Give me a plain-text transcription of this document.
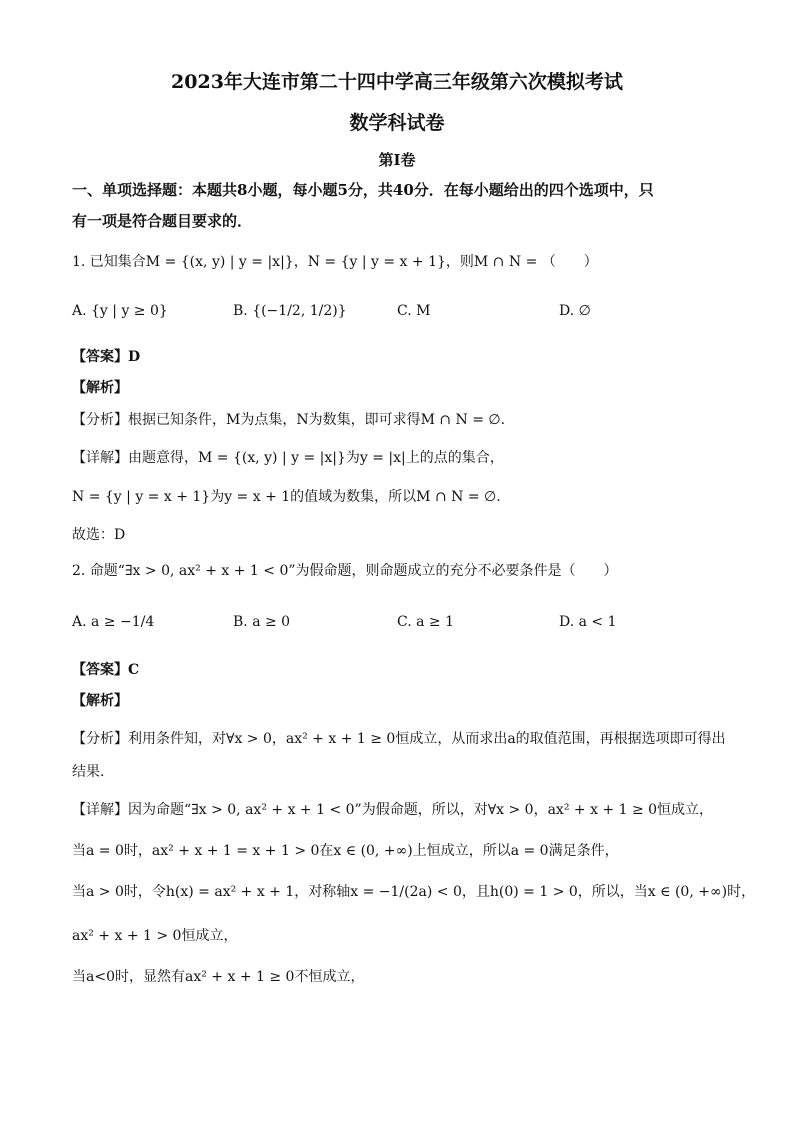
2023年大连市第二十四中学高三年级第六次模拟考试
数学科试卷
第I卷
一、单项选择题：本题共8小题，每小题5分，共40分．在每小题给出的四个选项中，只
有一项是符合题目要求的．
1. 已知集合M = {(x, y) | y = |x|}，N = {y | y = x + 1}，则M ∩ N = （　　）
A. {y | y ≥ 0}	B. {(−1/2, 1/2)}	C. M	D. ∅
【答案】D
【解析】
【分析】根据已知条件，M为点集，N为数集，即可求得M ∩ N = ∅.
【详解】由题意得，M = {(x, y) | y = |x|}为y = |x|上的点的集合，
N = {y | y = x + 1}为y = x + 1的值域为数集，所以M ∩ N = ∅.
故选：D
2. 命题“∃x > 0, ax² + x + 1 < 0”为假命题，则命题成立的充分不必要条件是（　　）
A. a ≥ −1/4	B. a ≥ 0	C. a ≥ 1	D. a < 1
【答案】C
【解析】
【分析】利用条件知，对∀x > 0，ax² + x + 1 ≥ 0恒成立，从而求出a的取值范围，再根据选项即可得出
结果.
【详解】因为命题“∃x > 0, ax² + x + 1 < 0”为假命题，所以，对∀x > 0，ax² + x + 1 ≥ 0恒成立，
当a = 0时，ax² + x + 1 = x + 1 > 0在x ∈ (0, +∞)上恒成立，所以a = 0满足条件，
当a > 0时，令h(x) = ax² + x + 1，对称轴x = −1/(2a) < 0，且h(0) = 1 > 0，所以，当x ∈ (0, +∞)时，
ax² + x + 1 > 0恒成立，
当a<0时，显然有ax² + x + 1 ≥ 0不恒成立，
